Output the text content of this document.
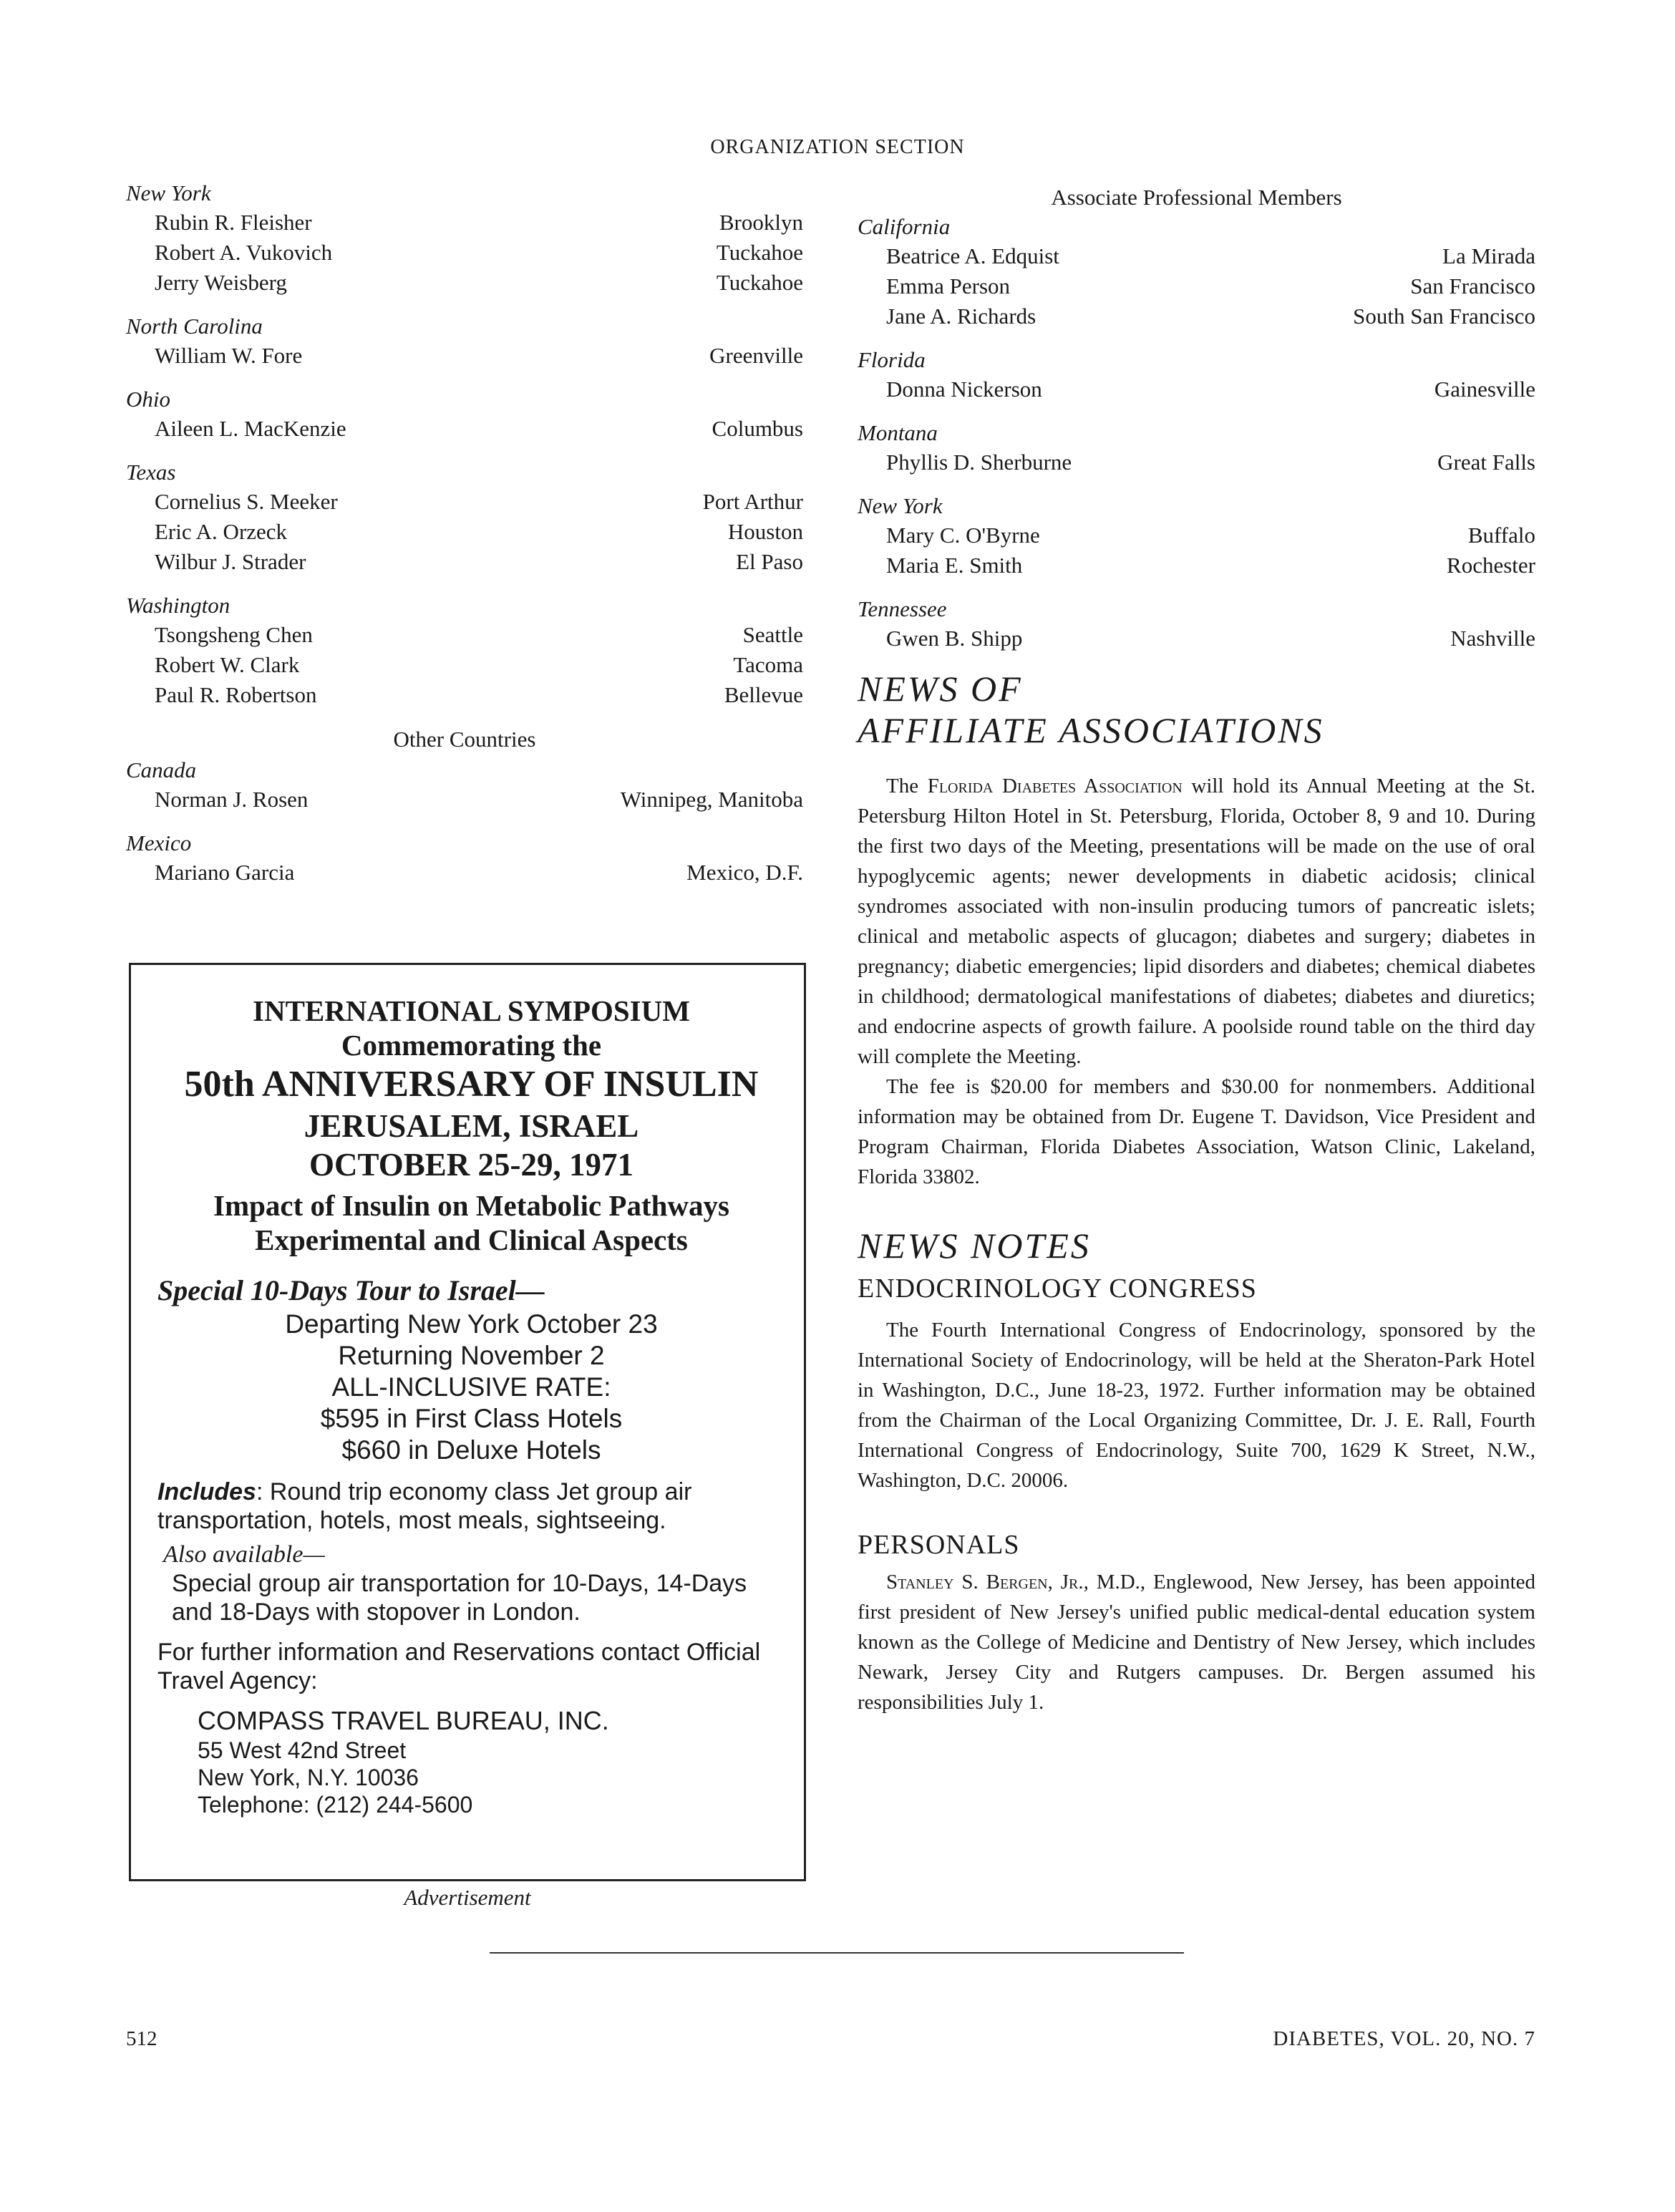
ORGANIZATION SECTION
New York
Rubin R. Fleisher	Brooklyn
Robert A. Vukovich	Tuckahoe
Jerry Weisberg	Tuckahoe
North Carolina
William W. Fore	Greenville
Ohio
Aileen L. MacKenzie	Columbus
Texas
Cornelius S. Meeker	Port Arthur
Eric A. Orzeck	Houston
Wilbur J. Strader	El Paso
Washington
Tsongsheng Chen	Seattle
Robert W. Clark	Tacoma
Paul R. Robertson	Bellevue
Other Countries
Canada
Norman J. Rosen	Winnipeg, Manitoba
Mexico
Mariano Garcia	Mexico, D.F.
INTERNATIONAL SYMPOSIUM
Commemorating the
50th ANNIVERSARY OF INSULIN
JERUSALEM, ISRAEL
OCTOBER 25-29, 1971
Impact of Insulin on Metabolic Pathways
Experimental and Clinical Aspects
Special 10-Days Tour to Israel—
Departing New York October 23
Returning November 2
ALL-INCLUSIVE RATE:
$595 in First Class Hotels
$660 in Deluxe Hotels
Includes: Round trip economy class Jet group air transportation, hotels, most meals, sightseeing.
Also available—
Special group air transportation for 10-Days, 14-Days and 18-Days with stopover in London.
For further information and Reservations contact Official Travel Agency:
COMPASS TRAVEL BUREAU, INC.
55 West 42nd Street
New York, N.Y. 10036
Telephone: (212) 244-5600
Advertisement
Associate Professional Members
California
Beatrice A. Edquist	La Mirada
Emma Person	San Francisco
Jane A. Richards	South San Francisco
Florida
Donna Nickerson	Gainesville
Montana
Phyllis D. Sherburne	Great Falls
New York
Mary C. O'Byrne	Buffalo
Maria E. Smith	Rochester
Tennessee
Gwen B. Shipp	Nashville
NEWS OF
AFFILIATE ASSOCIATIONS

The Florida Diabetes Association will hold its Annual Meeting at the St. Petersburg Hilton Hotel in St. Petersburg, Florida, October 8, 9 and 10. During the first two days of the Meeting, presentations will be made on the use of oral hypoglycemic agents; newer developments in diabetic acidosis; clinical syndromes associated with non-insulin producing tumors of pancreatic islets; clinical and metabolic aspects of glucagon; diabetes and surgery; diabetes in pregnancy; diabetic emergencies; lipid disorders and diabetes; chemical diabetes in childhood; dermatological manifestations of diabetes; diabetes and diuretics; and endocrine aspects of growth failure. A poolside round table on the third day will complete the Meeting.

The fee is $20.00 for members and $30.00 for nonmembers. Additional information may be obtained from Dr. Eugene T. Davidson, Vice President and Program Chairman, Florida Diabetes Association, Watson Clinic, Lakeland, Florida 33802.

NEWS NOTES
ENDOCRINOLOGY CONGRESS

The Fourth International Congress of Endocrinology, sponsored by the International Society of Endocrinology, will be held at the Sheraton-Park Hotel in Washington, D.C., June 18-23, 1972. Further information may be obtained from the Chairman of the Local Organizing Committee, Dr. J. E. Rall, Fourth International Congress of Endocrinology, Suite 700, 1629 K Street, N.W., Washington, D.C. 20006.

PERSONALS

Stanley S. Bergen, Jr., M.D., Englewood, New Jersey, has been appointed first president of New Jersey's unified public medical-dental education system known as the College of Medicine and Dentistry of New Jersey, which includes Newark, Jersey City and Rutgers campuses. Dr. Bergen assumed his responsibilities July 1.

512	DIABETES, VOL. 20, NO. 7
